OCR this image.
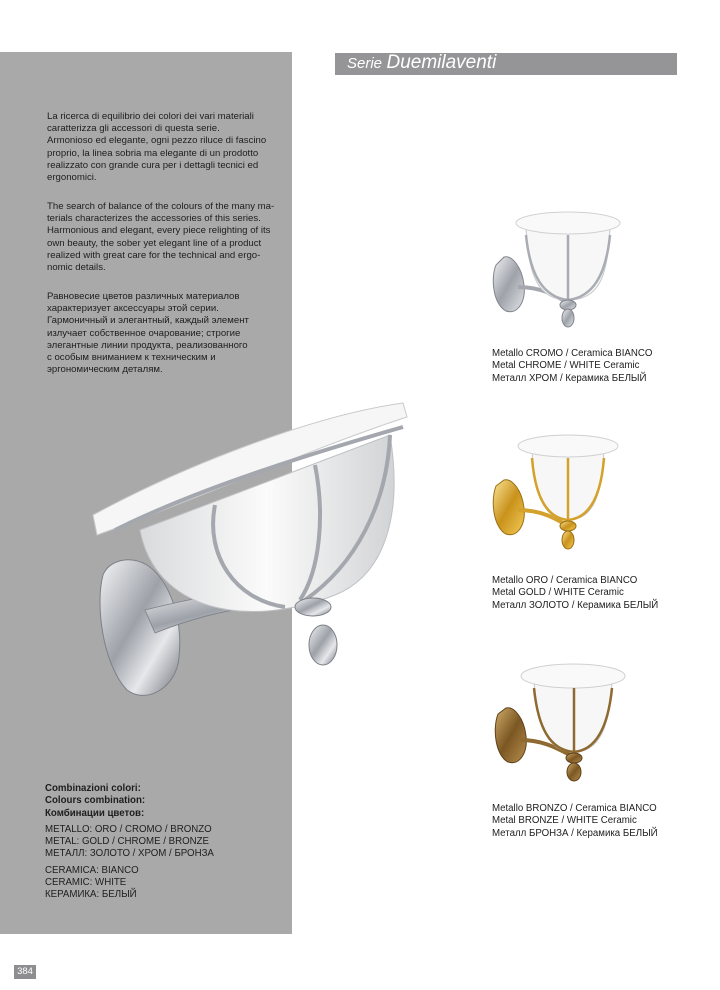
Serie Duemilaventi
La ricerca di equilibrio dei colori dei vari materiali
caratterizza gli accessori di questa serie.
Armonioso ed elegante, ogni pezzo riluce di fascino
proprio, la linea sobria ma elegante di un prodotto
realizzato con grande cura per i dettagli tecnici ed
ergonomici.
The search of balance of the colours of the many ma-
terials characterizes the accessories of this series.
Harmonious and elegant, every piece relighting of its
own beauty, the sober yet elegant line of a product
realized with great care for the technical and ergo-
nomic details.
Равновесие цветов различных материалов
характеризует аксессуары этой серии.
Гармоничный и элегантный, каждый элемент
излучает собственное очарование; строгие
элегантные линии продукта, реализованного
с особым вниманием к техническим и
эргономическим деталям.
Combinazioni colori:
Colours combination:
Комбинации цветов:
METALLO: ORO / CROMO / BRONZO
METAL: GOLD / CHROME / BRONZE
МЕТАЛЛ: ЗОЛОТО / ХРОМ / БРОНЗА
CERAMICA: BIANCO
CERAMIC: WHITE
КЕРАМИКА: БЕЛЫЙ
Metallo CROMO / Ceramica BIANCO
Metal CHROME / WHITE Ceramic
Металл ХРОМ / Керамика БЕЛЫЙ
Metallo ORO / Ceramica BIANCO
Metal GOLD / WHITE Ceramic
Металл ЗОЛОТО / Керамика БЕЛЫЙ
Metallo BRONZO / Ceramica BIANCO
Metal BRONZE / WHITE Ceramic
Металл БРОНЗА / Керамика БЕЛЫЙ
384
